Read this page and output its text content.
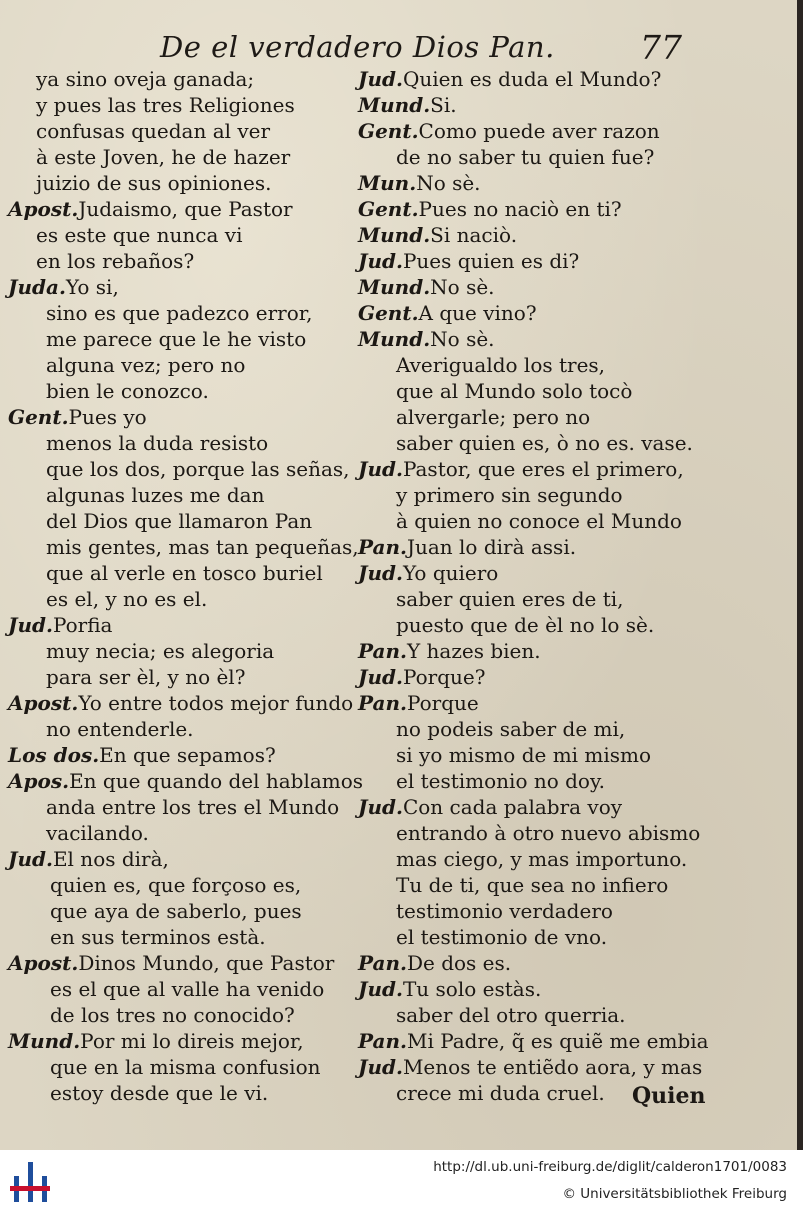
De el verdadero Dios Pan.	77
ya sino oveja ganada;
y pues las tres Religiones
confusas quedan al ver
à este Joven, he de hazer
juizio de sus opiniones.
Apost.Judaismo, que Pastor
es este que nunca vi
en los rebaños?
Juda.Yo si,
sino es que padezco error,
me parece que le he visto
alguna vez; pero no
bien le conozco.
Gent.Pues yo
menos la duda resisto
que los dos, porque las señas,
algunas luzes me dan
del Dios que llamaron Pan
mis gentes, mas tan pequeñas,
que al verle en tosco buriel
es el, y no es el.
Jud.Porfia
muy necia; es alegoria
para ser èl, y no èl?
Apost.Yo entre todos mejor fundo
no entenderle.
Los dos.En que sepamos?
Apos.En que quando del hablamos
anda entre los tres el Mundo
vacilando.
Jud.El nos dirà,
quien es, que forçoso es,
que aya de saberlo, pues
en sus terminos està.
Apost.Dinos Mundo, que Pastor
es el que al valle ha venido
de los tres no conocido?
Mund.Por mi lo direis mejor,
que en la misma confusion
estoy desde que le vi.
Jud.Quien es duda el Mundo?
Mund.Si.
Gent.Como puede aver razon
de no saber tu quien fue?
Mun.No sè.
Gent.Pues no naciò en ti?
Mund.Si naciò.
Jud.Pues quien es di?
Mund.No sè.
Gent.A que vino?
Mund.No sè.
Averigualdo los tres,
que al Mundo solo tocò
alvergarle; pero no
saber quien es, ò no es. vase.
Jud.Pastor, que eres el primero,
y primero sin segundo
à quien no conoce el Mundo
Pan.Juan lo dirà assi.
Jud.Yo quiero
saber quien eres de ti,
puesto que de èl no lo sè.
Pan.Y hazes bien.
Jud.Porque?
Pan.Porque
no podeis saber de mi,
si yo mismo de mi mismo
el testimonio no doy.
Jud.Con cada palabra voy
entrando à otro nuevo abismo
mas ciego, y mas importuno.
Tu de ti, que sea no infiero
testimonio verdadero
el testimonio de vno.
Pan.De dos es.
Jud.Tu solo estàs.
saber del otro querria.
Pan.Mi Padre, q̃ es quiẽ me embia
Jud.Menos te entiẽdo aora, y mas
crece mi duda cruel.	Quien
http://dl.ub.uni-freiburg.de/diglit/calderon1701/0083
© Universitätsbibliothek Freiburg
